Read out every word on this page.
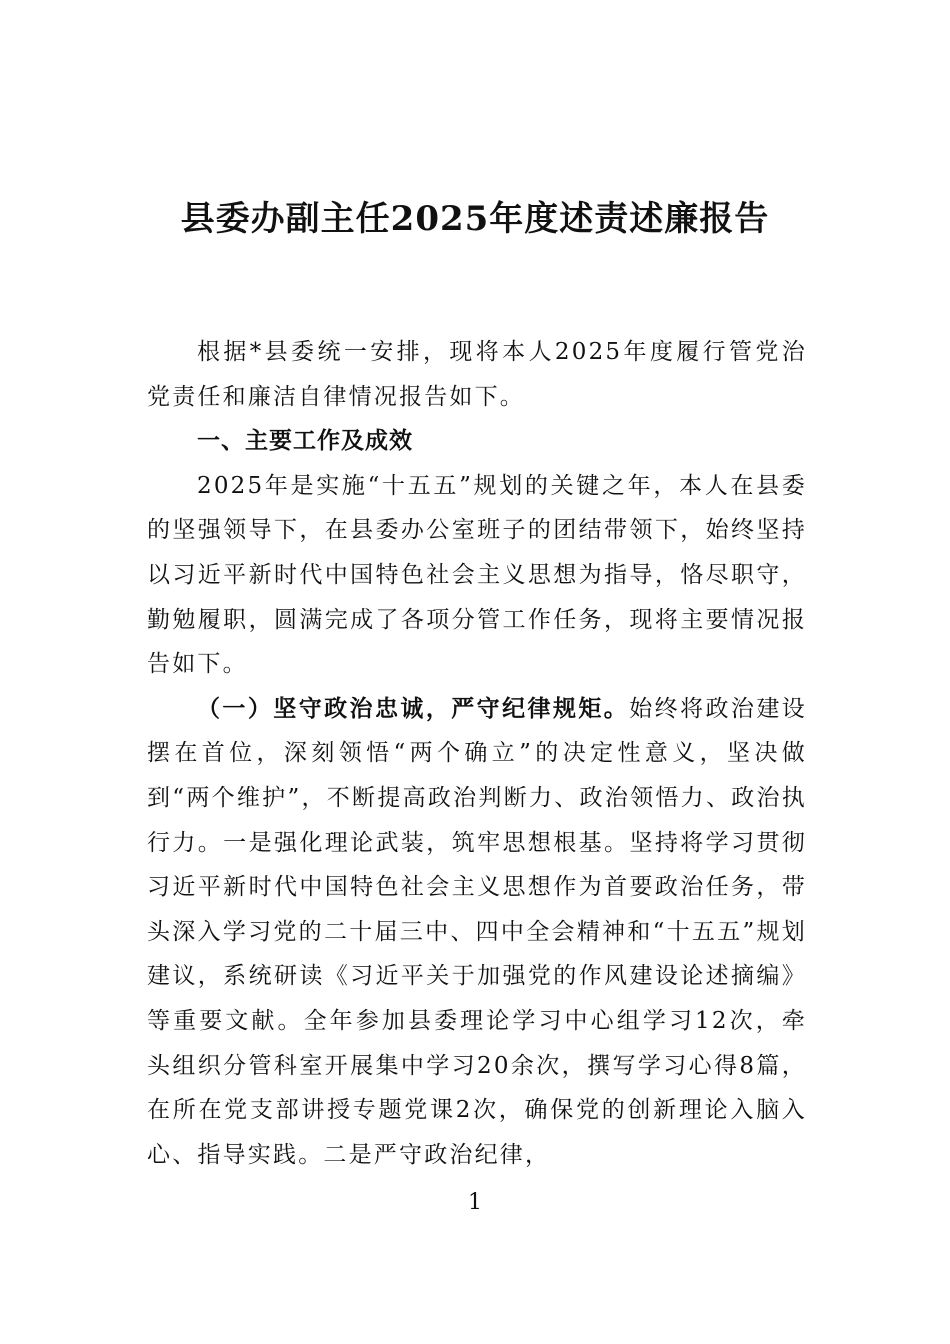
县委办副主任2025年度述责述廉报告

根据*县委统一安排，现将本人2025年度履行管党治党责任和廉洁自律情况报告如下。

一、主要工作及成效

2025年是实施“十五五”规划的关键之年，本人在县委的坚强领导下，在县委办公室班子的团结带领下，始终坚持以习近平新时代中国特色社会主义思想为指导，恪尽职守，勤勉履职，圆满完成了各项分管工作任务，现将主要情况报告如下。

（一）坚守政治忠诚，严守纪律规矩。始终将政治建设摆在首位，深刻领悟“两个确立”的决定性意义，坚决做到“两个维护”，不断提高政治判断力、政治领悟力、政治执行力。一是强化理论武装，筑牢思想根基。坚持将学习贯彻习近平新时代中国特色社会主义思想作为首要政治任务，带头深入学习党的二十届三中、四中全会精神和“十五五”规划建议，系统研读《习近平关于加强党的作风建设论述摘编》等重要文献。全年参加县委理论学习中心组学习12次，牵头组织分管科室开展集中学习20余次，撰写学习心得8篇，在所在党支部讲授专题党课2次，确保党的创新理论入脑入心、指导实践。二是严守政治纪律，

1
